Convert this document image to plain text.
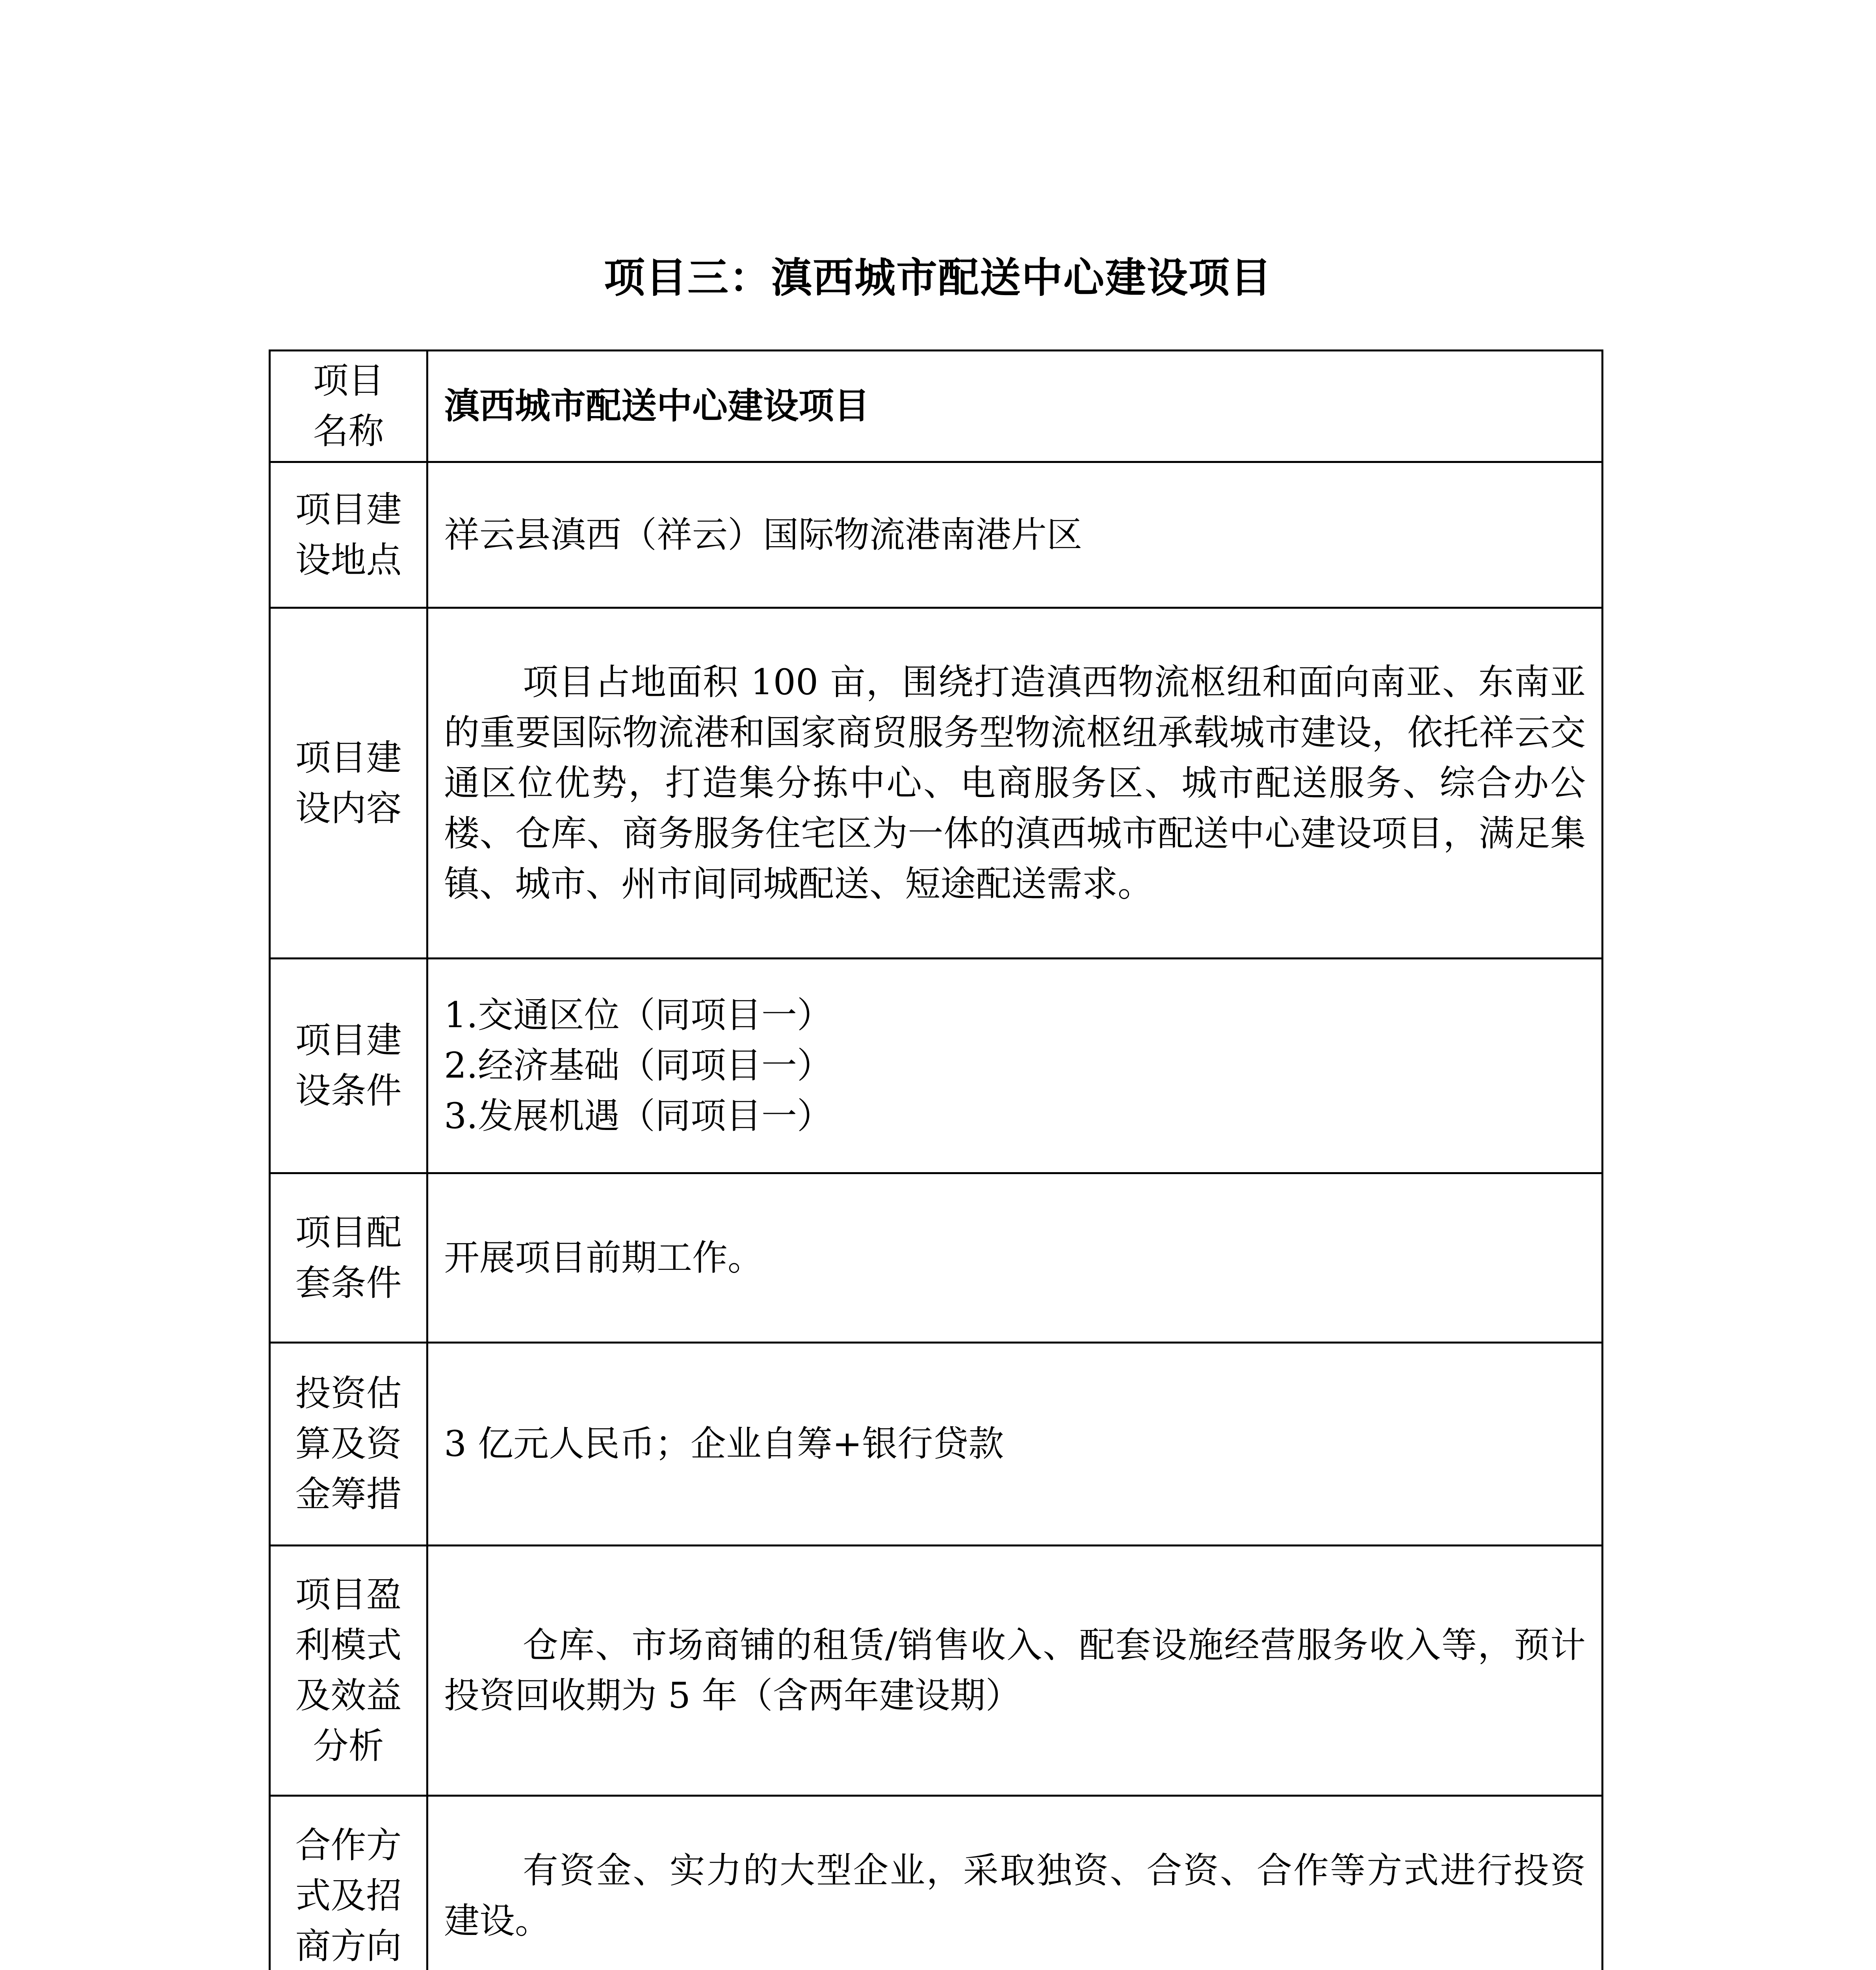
项目三：滇西城市配送中心建设项目
项目名称	滇西城市配送中心建设项目
项目建设地点	祥云县滇西（祥云）国际物流港南港片区
项目建设内容	项目占地面积 100 亩，围绕打造滇西物流枢纽和面向南亚、东南亚的重要国际物流港和国家商贸服务型物流枢纽承载城市建设，依托祥云交通区位优势，打造集分拣中心、电商服务区、城市配送服务、综合办公楼、仓库、商务服务住宅区为一体的滇西城市配送中心建设项目，满足集镇、城市、州市间同城配送、短途配送需求。

项目建设条件	1.交通区位（同项目一）
2.经济基础（同项目一）
3.发展机遇（同项目一）

项目配套条件	开展项目前期工作。
投资估算及资金筹措	3 亿元人民币；企业自筹+银行贷款
项目盈利模式及效益分析	仓库、市场商铺的租赁/销售收入、配套设施经营服务收入等，预计投资回收期为 5 年（含两年建设期）

合作方式及招商方向	有资金、实力的大型企业，采取独资、合资、合作等方式进行投资建设。
